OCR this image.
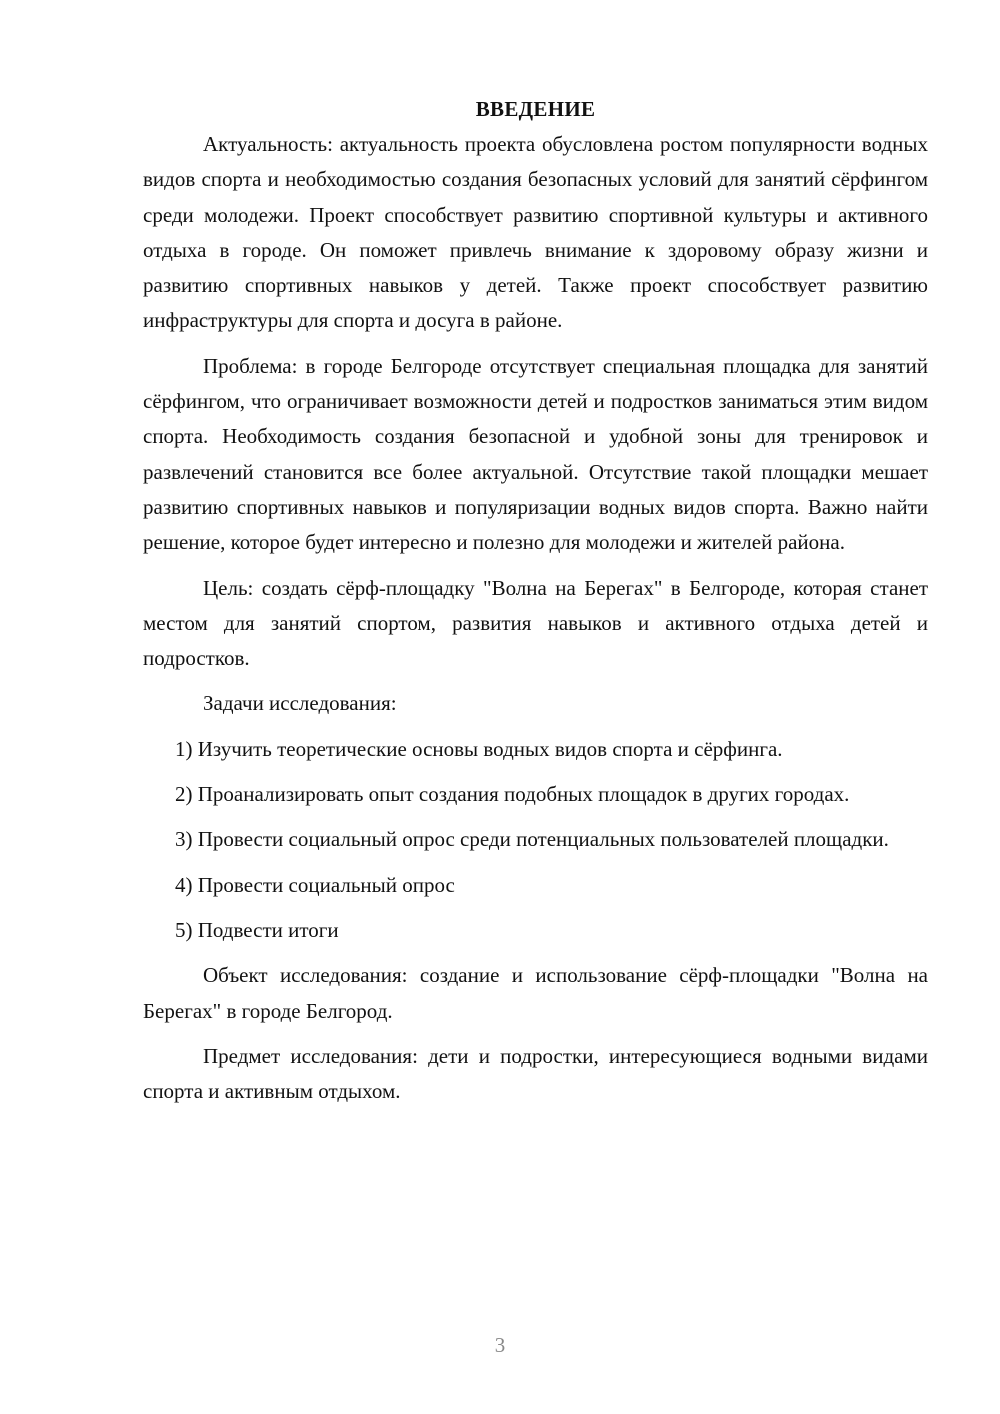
ВВЕДЕНИЕ

Актуальность: актуальность проекта обусловлена ростом популярности водных видов спорта и необходимостью создания безопасных условий для занятий сёрфингом среди молодежи. Проект способствует развитию спортивной культуры и активного отдыха в городе. Он поможет привлечь внимание к здоровому образу жизни и развитию спортивных навыков у детей. Также проект способствует развитию инфраструктуры для спорта и досуга в районе.

Проблема: в городе Белгороде отсутствует специальная площадка для занятий сёрфингом, что ограничивает возможности детей и подростков заниматься этим видом спорта. Необходимость создания безопасной и удобной зоны для тренировок и развлечений становится все более актуальной. Отсутствие такой площадки мешает развитию спортивных навыков и популяризации водных видов спорта. Важно найти решение, которое будет интересно и полезно для молодежи и жителей района.

Цель: создать сёрф-площадку "Волна на Берегах" в Белгороде, которая станет местом для занятий спортом, развития навыков и активного отдыха детей и подростков.

Задачи исследования:

1) Изучить теоретические основы водных видов спорта и сёрфинга.

2) Проанализировать опыт создания подобных площадок в других городах.

3) Провести социальный опрос среди потенциальных пользователей площадки.

4) Провести социальный опрос

5) Подвести итоги

Объект исследования: создание и использование сёрф-площадки "Волна на Берегах" в городе Белгород.

Предмет исследования: дети и подростки, интересующиеся водными видами спорта и активным отдыхом.

3
